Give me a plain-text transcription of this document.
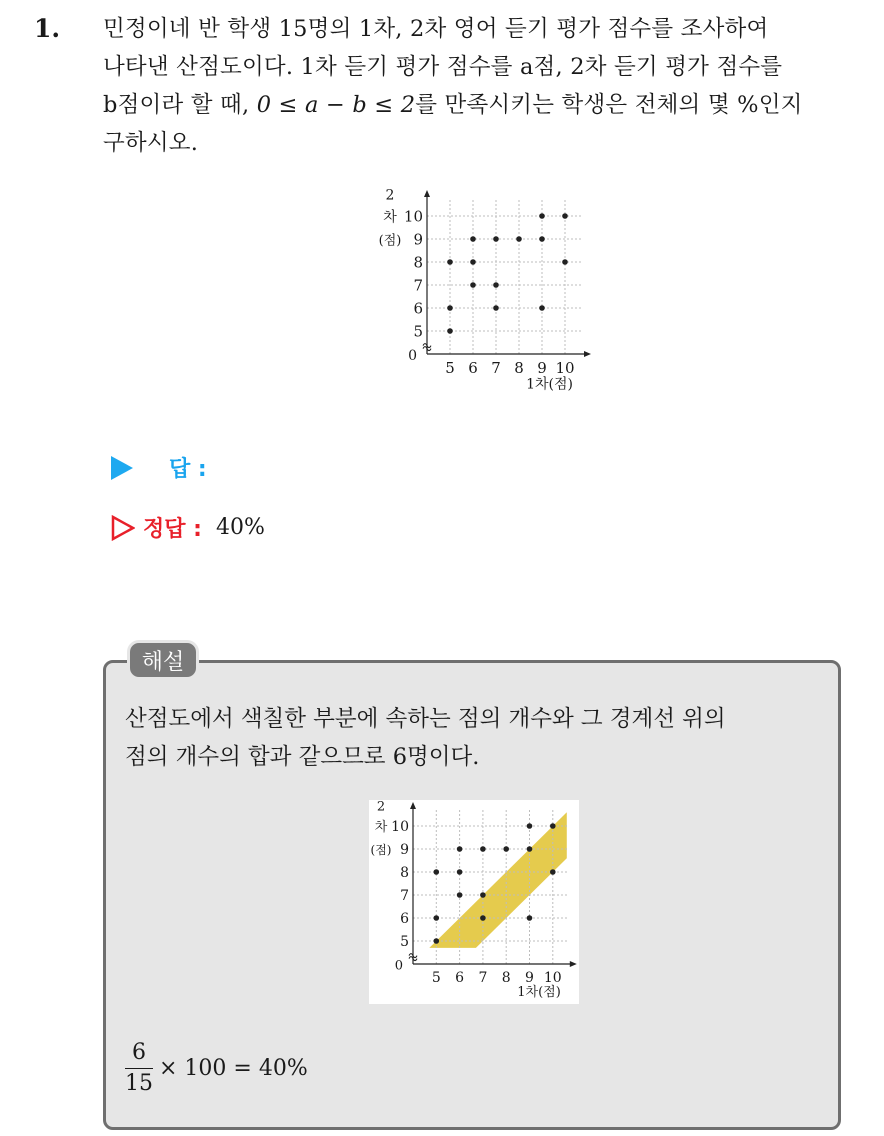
1. 민정이네 반 학생 15명의 1차, 2차 영어 듣기 평가 점수를 조사하여
나타낸 산점도이다. 1차 듣기 평가 점수를 a점, 2차 듣기 평가 점수를
b점이라 할 때, 0 ≤ a − b ≤ 2를 만족시키는 학생은 전체의 몇 %인지
구하시오.
5 6 7 8 9 10
5
6
7
8
9
10
0
2
차
(점)
1차(점)
답 :
정답 : 40%
해설
산점도에서 색칠한 부분에 속하는 점의 개수와 그 경계선 위의
점의 개수의 합과 같으므로 6명이다.
5 6 7 8 9 10
5
6
7
8
9
10
0
2
차
(점)
1차(점)
$\frac{6}{15} \times 100 = 40\%$
